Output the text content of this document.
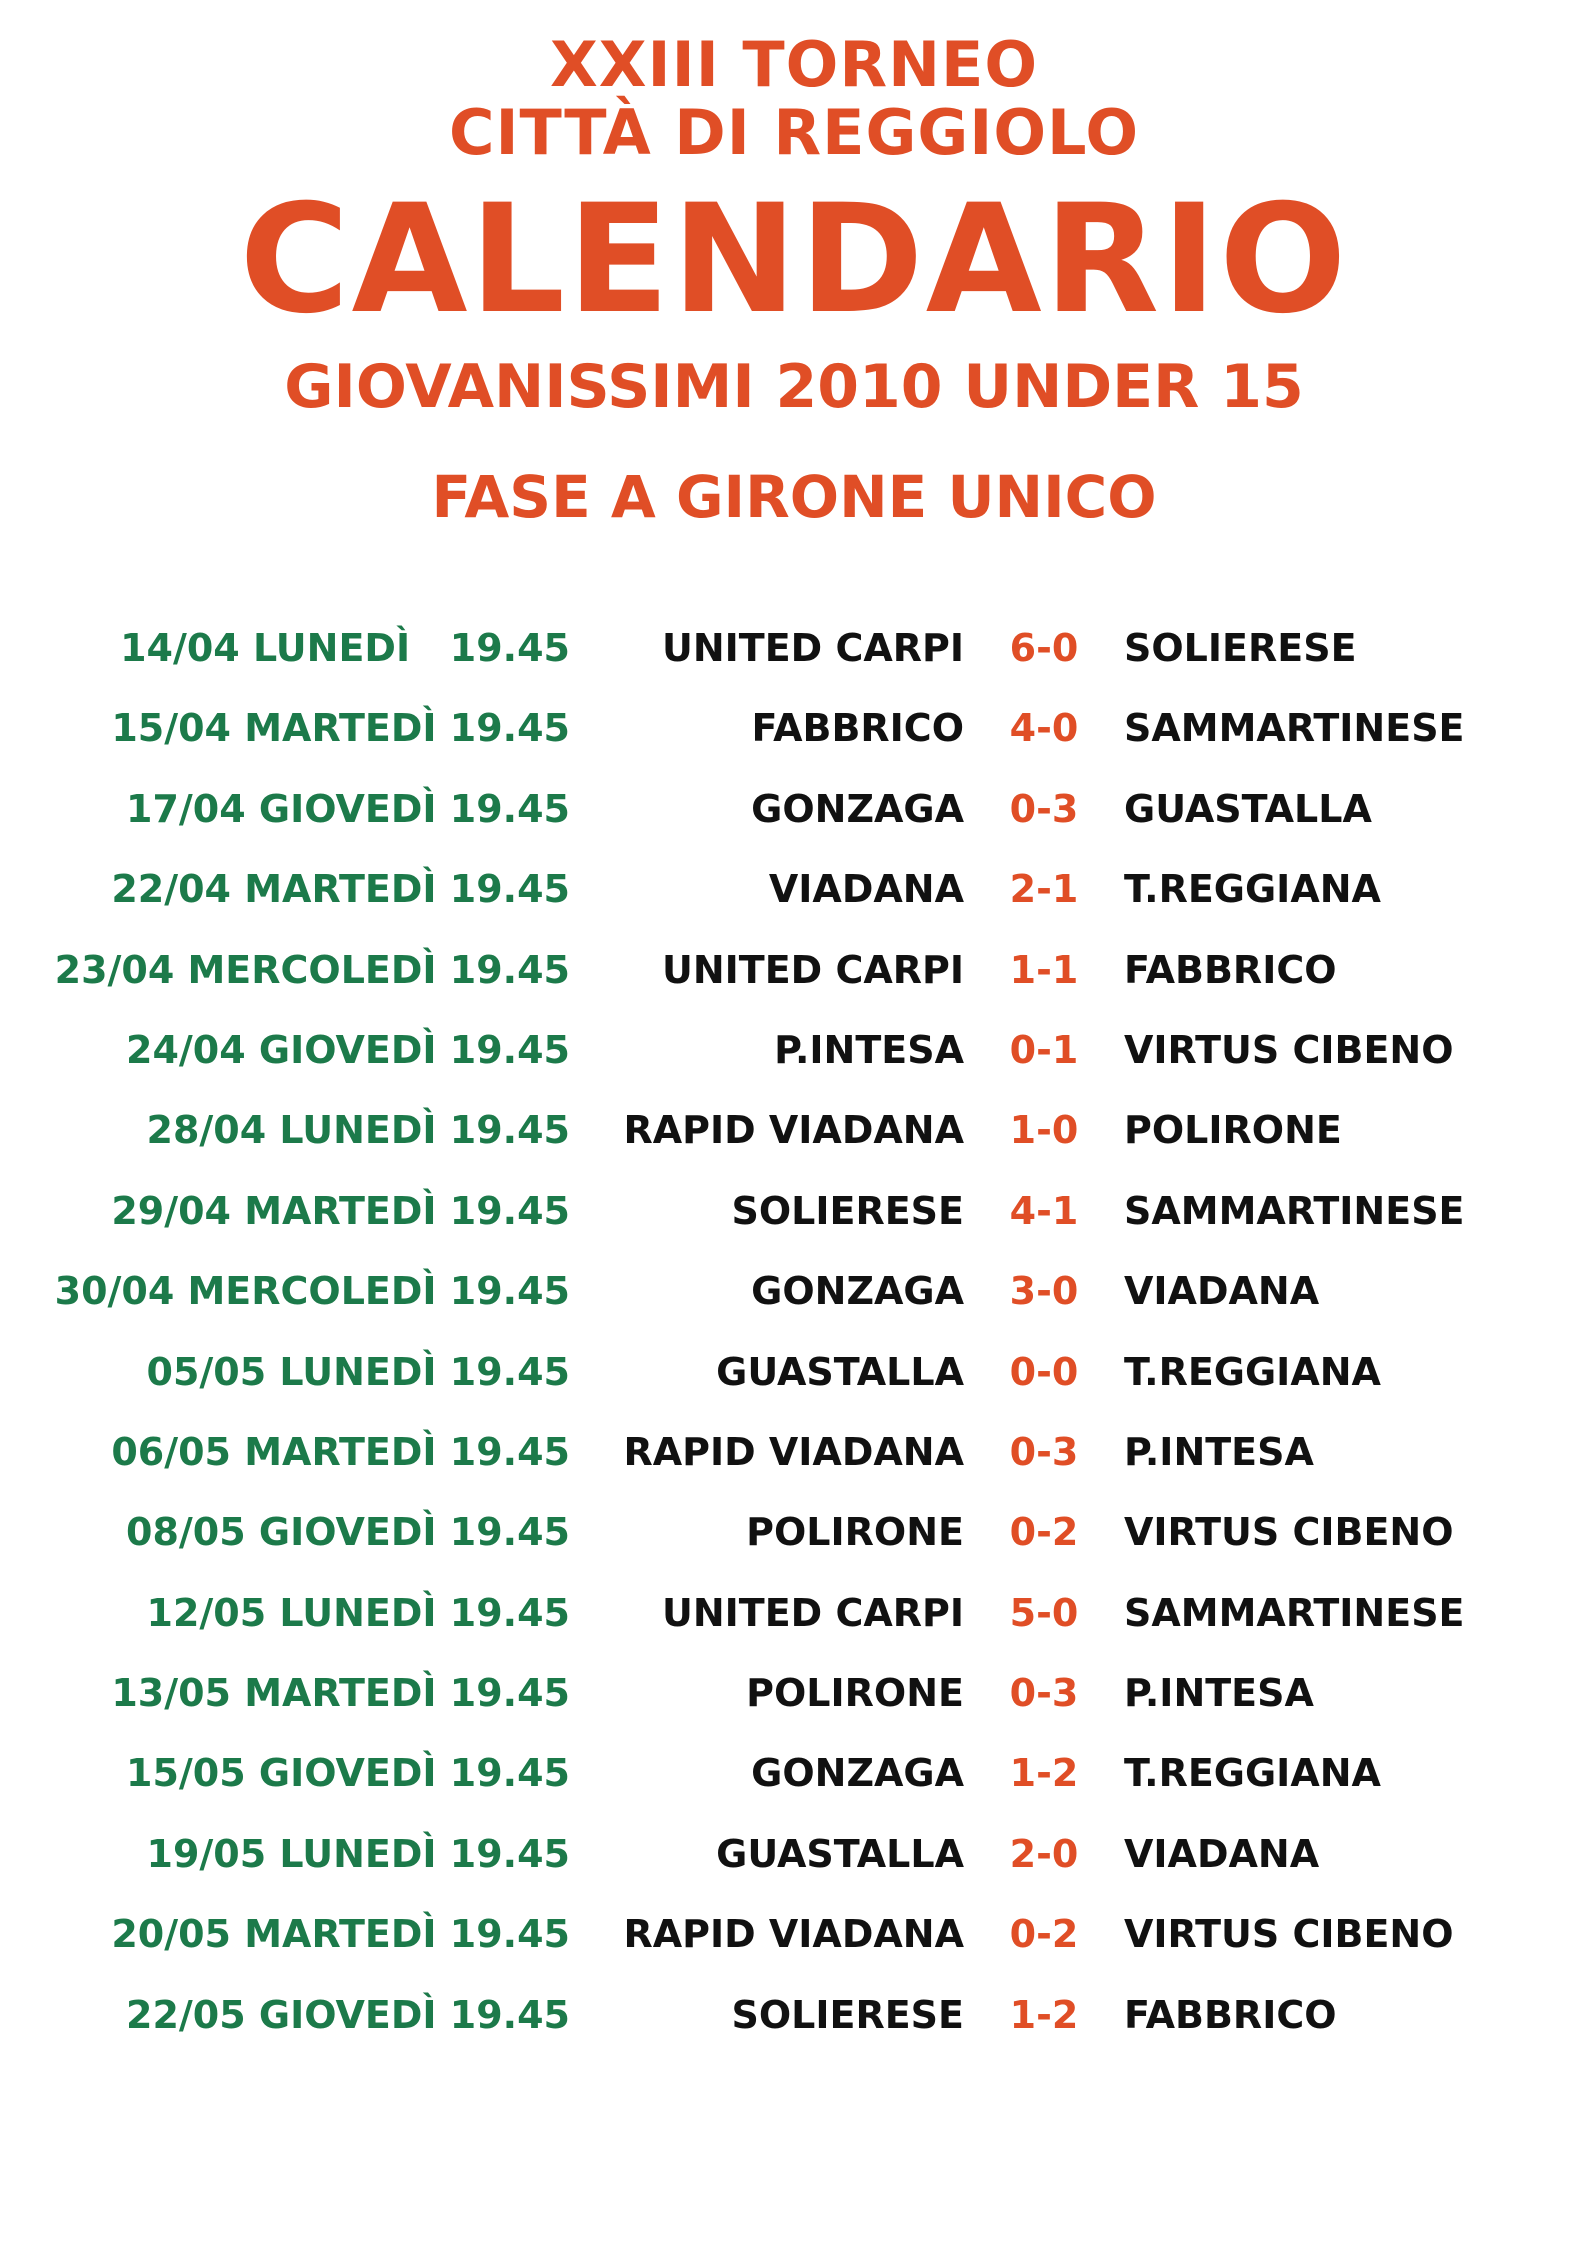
XXIII TORNEO
CITTÀ DI REGGIOLO
CALENDARIO
GIOVANISSIMI 2010 UNDER 15
FASE A GIRONE UNICO
14/04 LUNEDÌ   19.45 UNITED CARPI	6-0	SOLIERESE
15/04 MARTEDÌ 19.45	FABBRICO	4-0	SAMMARTINESE
17/04 GIOVEDÌ 19.45	GONZAGA	0-3	GUASTALLA
22/04 MARTEDÌ 19.45	VIADANA	2-1	T.REGGIANA
23/04 MERCOLEDÌ 19.45 UNITED CARPI	1-1	FABBRICO
24/04 GIOVEDÌ 19.45	P.INTESA	0-1	VIRTUS CIBENO
28/04 LUNEDÌ 19.45 RAPID VIADANA	1-0	POLIRONE
29/04 MARTEDÌ 19.45	SOLIERESE	4-1	SAMMARTINESE
30/04 MERCOLEDÌ 19.45	GONZAGA	3-0	VIADANA
05/05 LUNEDÌ 19.45	GUASTALLA	0-0	T.REGGIANA
06/05 MARTEDÌ 19.45 RAPID VIADANA	0-3	P.INTESA
08/05 GIOVEDÌ 19.45	POLIRONE	0-2	VIRTUS CIBENO
12/05 LUNEDÌ 19.45 UNITED CARPI	5-0	SAMMARTINESE
13/05 MARTEDÌ 19.45	POLIRONE	0-3	P.INTESA
15/05 GIOVEDÌ 19.45	GONZAGA	1-2	T.REGGIANA
19/05 LUNEDÌ 19.45	GUASTALLA	2-0	VIADANA
20/05 MARTEDÌ 19.45 RAPID VIADANA	0-2	VIRTUS CIBENO
22/05 GIOVEDÌ 19.45	SOLIERESE	1-2	FABBRICO
